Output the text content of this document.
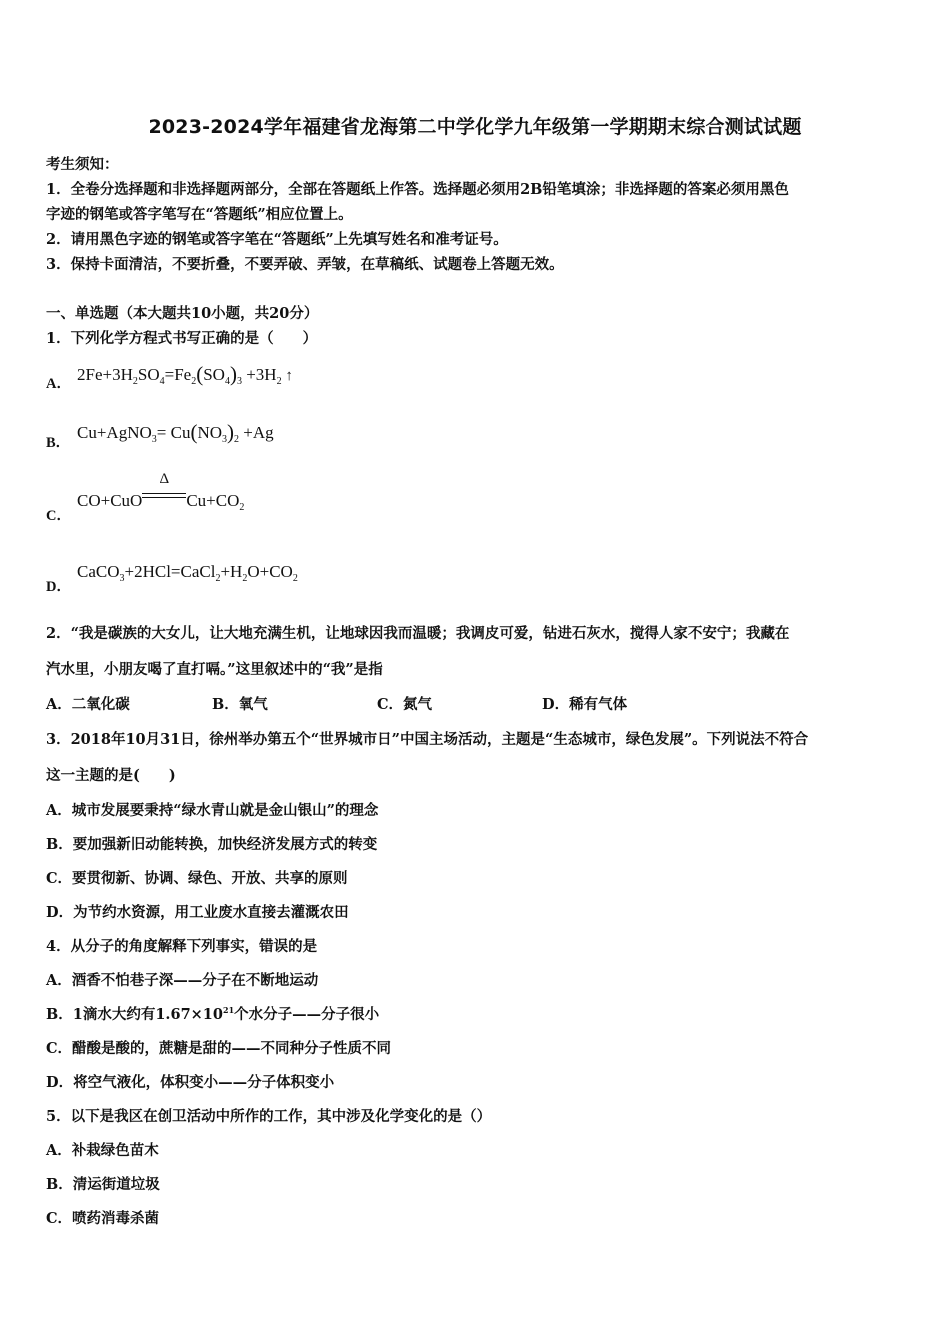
2023-2024学年福建省龙海第二中学化学九年级第一学期期末综合测试试题
考生须知：
1．全卷分选择题和非选择题两部分，全部在答题纸上作答。选择题必须用2B铅笔填涂；非选择题的答案必须用黑色
字迹的钢笔或答字笔写在“答题纸”相应位置上。
2．请用黑色字迹的钢笔或答字笔在“答题纸”上先填写姓名和准考证号。
3．保持卡面清洁，不要折叠，不要弄破、弄皱，在草稿纸、试题卷上答题无效。
一、单选题（本大题共10小题，共20分）
1．下列化学方程式书写正确的是（　　）
A． $2Fe+3H_2SO_4=Fe_2(SO_4)_3 +3H_2$ ↑
B．
Cu+AgNO$_3$= $Cu(NO_3)_2 +Ag$
C．
CO+CuO
Δ
$Cu+CO_2$
D．
$CaCO_3+2HCl=CaCl_2+H_2O+CO_2$
2．“我是碳族的大女儿，让大地充满生机，让地球因我而温暖；我调皮可爱，钻进石灰水，搅得人家不安宁；我藏在
汽水里，小朋友喝了直打嗝。”这里叙述中的“我”是指
A．二氧化碳	B．氧气	C．氮气	D．稀有气体
3．2018年10月31日，徐州举办第五个“世界城市日”中国主场活动，主题是“生态城市，绿色发展”。下列说法不符合
这一主题的是(　　)
A．城市发展要秉持“绿水青山就是金山银山”的理念
B．要加强新旧动能转换，加快经济发展方式的转变
C．要贯彻新、协调、绿色、开放、共享的原则
D．为节约水资源，用工业废水直接去灌溉农田
4．从分子的角度解释下列事实，错误的是
A．酒香不怕巷子深——分子在不断地运动
B．1滴水大约有$1.67\times 10^{21}$个水分子——分子很小
C．醋酸是酸的，蔗糖是甜的——不同种分子性质不同
D．将空气液化，体积变小——分子体积变小
5．以下是我区在创卫活动中所作的工作，其中涉及化学变化的是（）
A．补栽绿色苗木
B．清运街道垃圾
C．喷药消毒杀菌
